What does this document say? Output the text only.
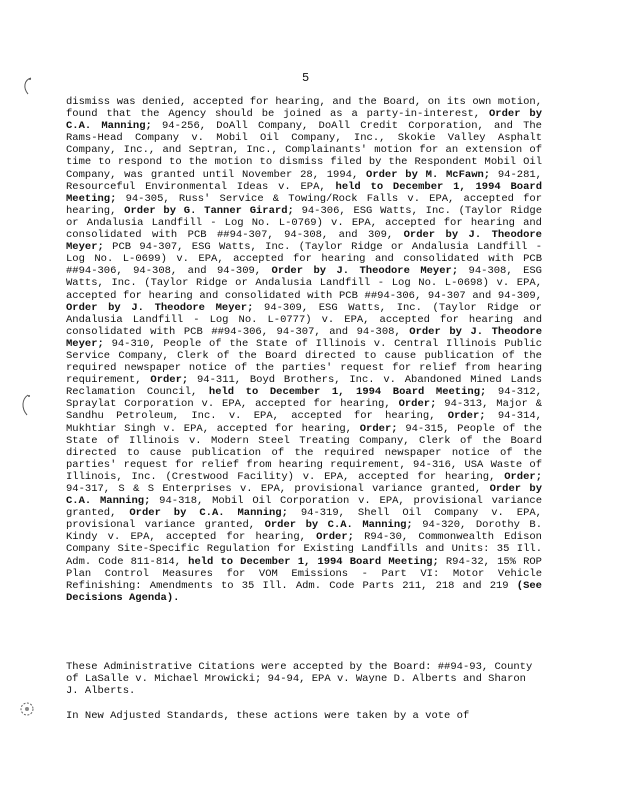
5

dismiss was denied, accepted for hearing, and the Board, on its own motion, found that the Agency should be joined as a party-in-interest, Order by C.A. Manning; 94-256, DoAll Company, DoAll Credit Corporation, and The Rams-Head Company v. Mobil Oil Company, Inc., Skokie Valley Asphalt Company, Inc., and Septran, Inc., Complainants' motion for an extension of time to respond to the motion to dismiss filed by the Respondent Mobil Oil Company, was granted until November 28, 1994, Order by M. McFawn; 94-281, Resourceful Environmental Ideas v. EPA, held to December 1, 1994 Board Meeting; 94-305, Russ' Service & Towing/Rock Falls v. EPA, accepted for hearing, Order by G. Tanner Girard; 94-306, ESG Watts, Inc. (Taylor Ridge or Andalusia Landfill - Log No. L-0769) v. EPA, accepted for hearing and consolidated with PCB ##94-307, 94-308, and 309, Order by J. Theodore Meyer; PCB 94-307, ESG Watts, Inc. (Taylor Ridge or Andalusia Landfill - Log No. L-0699) v. EPA, accepted for hearing and consolidated with PCB ##94-306, 94-308, and 94-309, Order by J. Theodore Meyer; 94-308, ESG Watts, Inc. (Taylor Ridge or Andalusia Landfill - Log No. L-0698) v. EPA, accepted for hearing and consolidated with PCB ##94-306, 94-307 and 94-309, Order by J. Theodore Meyer; 94-309, ESG Watts, Inc. (Taylor Ridge or Andalusia Landfill - Log No. L-0777) v. EPA, accepted for hearing and consolidated with PCB ##94-306, 94-307, and 94-308, Order by J. Theodore Meyer; 94-310, People of the State of Illinois v. Central Illinois Public Service Company, Clerk of the Board directed to cause publication of the required newspaper notice of the parties' request for relief from hearing requirement, Order; 94-311, Boyd Brothers, Inc. v. Abandoned Mined Lands Reclamation Council, held to December 1, 1994 Board Meeting; 94-312, Spraylat Corporation v. EPA, accepted for hearing, Order; 94-313, Major & Sandhu Petroleum, Inc. v. EPA, accepted for hearing, Order; 94-314, Mukhtiar Singh v. EPA, accepted for hearing, Order; 94-315, People of the State of Illinois v. Modern Steel Treating Company, Clerk of the Board directed to cause publication of the required newspaper notice of the parties' request for relief from hearing requirement, 94-316, USA Waste of Illinois, Inc. (Crestwood Facility) v. EPA, accepted for hearing, Order; 94-317, S & S Enterprises v. EPA, provisional variance granted, Order by C.A. Manning; 94-318, Mobil Oil Corporation v. EPA, provisional variance granted, Order by C.A. Manning; 94-319, Shell Oil Company v. EPA, provisional variance granted, Order by C.A. Manning; 94-320, Dorothy B. Kindy v. EPA, accepted for hearing, Order; R94-30, Commonwealth Edison Company Site-Specific Regulation for Existing Landfills and Units: 35 Ill. Adm. Code 811-814, held to December 1, 1994 Board Meeting; R94-32, 15% ROP Plan Control Measures for VOM Emissions - Part VI: Motor Vehicle Refinishing: Amendments to 35 Ill. Adm. Code Parts 211, 218 and 219 (See Decisions Agenda).

These Administrative Citations were accepted by the Board: ##94-93, County of LaSalle v. Michael Mrowicki; 94-94, EPA v. Wayne D. Alberts and Sharon J. Alberts.

In New Adjusted Standards, these actions were taken by a vote of
